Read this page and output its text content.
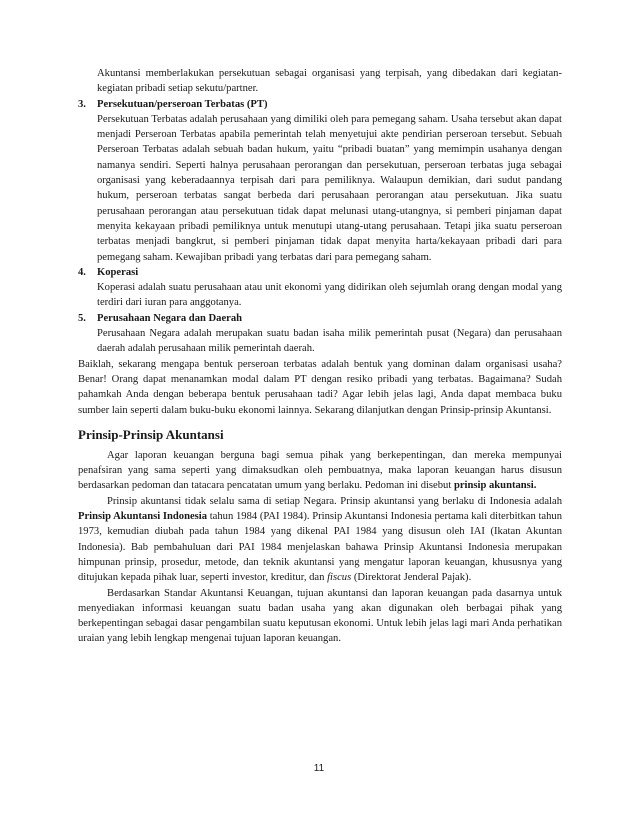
Akuntansi memberlakukan persekutuan sebagai organisasi yang terpisah, yang dibedakan dari kegiatan-kegiatan pribadi setiap sekutu/partner.

3. Persekutuan/perseroan Terbatas (PT)

Persekutuan Terbatas adalah perusahaan yang dimiliki oleh para pemegang saham. Usaha tersebut akan dapat menjadi Perseroan Terbatas apabila pemerintah telah menyetujui akte pendirian perseroan tersebut. Sebuah Perseroan Terbatas adalah sebuah badan hukum, yaitu “pribadi buatan” yang memimpin usahanya dengan namanya sendiri. Seperti halnya perusahaan perorangan dan persekutuan, perseroan terbatas juga sebagai organisasi yang keberadaannya terpisah dari para pemiliknya. Walaupun demikian, dari sudut pandang hukum, perseroan terbatas sangat berbeda dari perusahaan perorangan atau persekutuan. Jika suatu perusahaan perorangan atau persekutuan tidak dapat melunasi utang-utangnya, si pemberi pinjaman dapat menyita kekayaan pribadi pemiliknya untuk menutupi utang-utang perusahaan. Tetapi jika suatu perseroan terbatas menjadi bangkrut, si pemberi pinjaman tidak dapat menyita harta/kekayaan pribadi dari para pemegang saham. Kewajiban pribadi yang terbatas dari para pemegang saham.

4. Koperasi

Koperasi adalah suatu perusahaan atau unit ekonomi yang didirikan oleh sejumlah orang dengan modal yang terdiri dari iuran para anggotanya.

5. Perusahaan Negara dan Daerah

Perusahaan Negara adalah merupakan suatu badan isaha milik pemerintah pusat (Negara) dan perusahaan daerah adalah perusahaan milik pemerintah daerah.

Baiklah, sekarang mengapa bentuk perseroan terbatas adalah bentuk yang dominan dalam organisasi usaha? Benar! Orang dapat menanamkan modal dalam PT dengan resiko pribadi yang terbatas. Bagaimana? Sudah pahamkah Anda dengan beberapa bentuk perusahaan tadi? Agar lebih jelas lagi, Anda dapat membaca buku sumber lain seperti dalam buku-buku ekonomi lainnya. Sekarang dilanjutkan dengan Prinsip-prinsip Akuntansi.

Prinsip-Prinsip Akuntansi

Agar laporan keuangan berguna bagi semua pihak yang berkepentingan, dan mereka mempunyai penafsiran yang sama seperti yang dimaksudkan oleh pembuatnya, maka laporan keuangan harus disusun berdasarkan pedoman dan tatacara pencatatan umum yang berlaku. Pedoman ini disebut prinsip akuntansi.

Prinsip akuntansi tidak selalu sama di setiap Negara. Prinsip akuntansi yang berlaku di Indonesia adalah Prinsip Akuntansi Indonesia tahun 1984 (PAI 1984). Prinsip Akuntansi Indonesia pertama kali diterbitkan tahun 1973, kemudian diubah pada tahun 1984 yang dikenal PAI 1984 yang disusun oleh IAI (Ikatan Akuntan Indonesia). Bab pembahuluan dari PAI 1984 menjelaskan bahawa Prinsip Akuntansi Indonesia merupakan himpunan prinsip, prosedur, metode, dan teknik akuntansi yang mengatur laporan keuangan, khususnya yang ditujukan kepada pihak luar, seperti investor, kreditur, dan fiscus (Direktorat Jenderal Pajak).

Berdasarkan Standar Akuntansi Keuangan, tujuan akuntansi dan laporan keuangan pada dasarnya untuk menyediakan informasi keuangan suatu badan usaha yang akan digunakan oleh berbagai pihak yang berkepentingan sebagai dasar pengambilan suatu keputusan ekonomi. Untuk lebih jelas lagi mari Anda perhatikan uraian yang lebih lengkap mengenai tujuan laporan keuangan.

11
